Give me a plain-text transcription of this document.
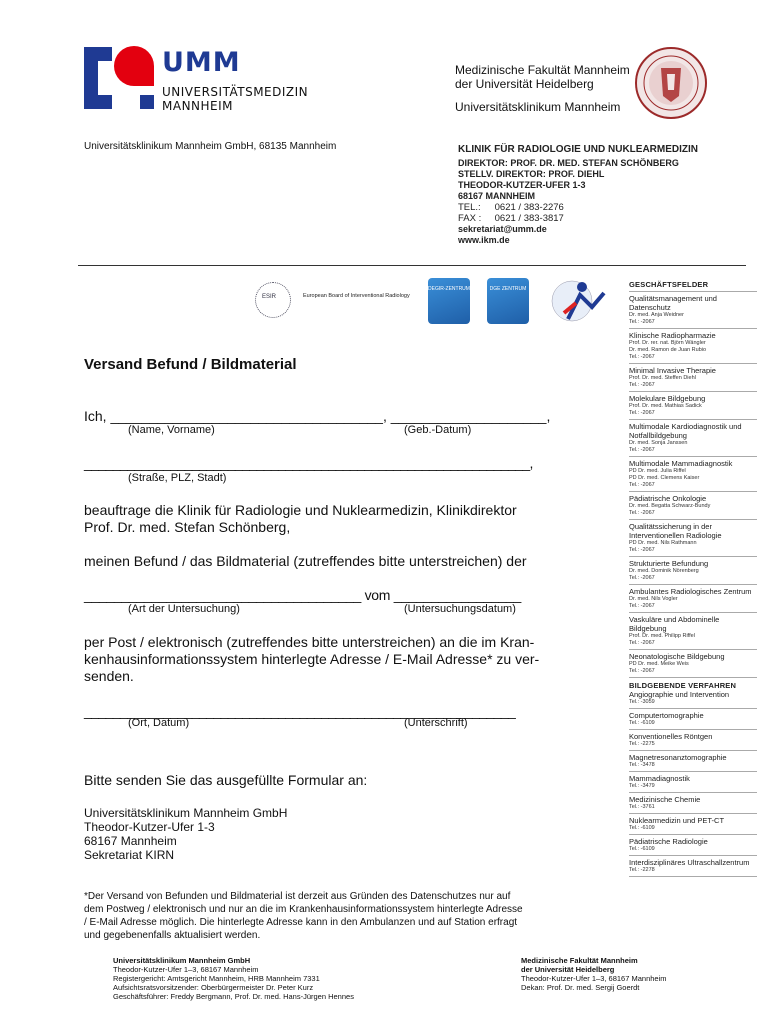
UMM
UNIVERSITÄTSMEDIZIN
MANNHEIM
Medizinische Fakultät Mannheim
der Universität Heidelberg
Universitätsklinikum Mannheim
Universitätsklinikum Mannheim GmbH, 68135 Mannheim	KLINIK FÜR RADIOLOGIE UND NUKLEARMEDIZIN
DIREKTOR: PROF. DR. MED. STEFAN SCHÖNBERG
STELLV. DIREKTOR: PROF. DIEHL
THEODOR-KUTZER-UFER 1-3
68167 MANNHEIM
TEL.: 0621 / 383-2276
FAX : 0621 / 383-3817
sekretariat@umm.de
www.ikm.de
ESIR	European Board of Interventional Radiology
DEGIR-ZENTRUM	DGE ZENTRUM
Versand Befund / Bildmaterial
Ich, ___________________________________, ____________________,
(Name, Vorname)	(Geb.-Datum)
______________________________________________________________,
(Straße, PLZ, Stadt)
beauftrage die Klinik für Radiologie und Nuklearmedizin, Klinikdirektor
Prof. Dr. med. Stefan Schönberg,
meinen Befund / das Bildmaterial (zutreffendes bitte unterstreichen) der
_____________________________________ vom _________________
(Art der Untersuchung)	(Untersuchungsdatum)
per Post / elektronisch (zutreffendes bitte unterstreichen) an die im Kran-
kenhausinformationssystem hinterlegte Adresse / E-Mail Adresse* zu ver-
senden.
____________________________________________________________
(Ort, Datum)	(Unterschrift)
Bitte senden Sie das ausgefüllte Formular an:
Universitätsklinikum Mannheim GmbH
Theodor-Kutzer-Ufer 1-3
68167 Mannheim
Sekretariat KIRN
*Der Versand von Befunden und Bildmaterial ist derzeit aus Gründen des Datenschutzes nur auf
dem Postweg / elektronisch und nur an die im Krankenhausinformationssystem hinterlegte Adresse
/ E-Mail Adresse möglich. Die hinterlegte Adresse kann in den Ambulanzen und auf Station erfragt
und gegebenenfalls aktualisiert werden.
GESCHÄFTSFELDER
Qualitätsmanagement und Datenschutz
Dr. med. Anja Weidner
Tel.: -2067
Klinische Radiopharmazie
Prof. Dr. rer. nat. Björn Wängler
Dr. med. Ramon de Juan Rubio
Tel.: -2067
Minimal Invasive Therapie
Prof. Dr. med. Steffen Diehl
Tel.: -2067
Molekulare Bildgebung
Prof. Dr. med. Mathias Sadick
Tel.: -2067
Multimodale Kardiodiagnostik und Notfallbildgebung
Dr. med. Sonja Janssen
Tel.: -2067
Multimodale Mammadiagnostik
PD Dr. med. Julia Riffel
PD Dr. med. Clemens Kaiser
Tel.: -2067
Pädiatrische Onkologie
Dr. med. Begatta Schwarz-Bundy
Tel.: -2067
Qualitätssicherung in der Interventionellen Radiologie
PD Dr. med. Nils Rathmann
Tel.: -2067
Strukturierte Befundung
Dr. med. Dominik Nörenberg
Tel.: -2067
Ambulantes Radiologisches Zentrum
Dr. med. Nils Vogler
Tel.: -2067
Vaskuläre und Abdominelle Bildgebung
Prof. Dr. med. Philipp Riffel
Tel.: -2067
Neonatologische Bildgebung
PD Dr. med. Meike Weis
Tel.: -2067
BILDGEBENDE VERFAHREN
Angiographie und Intervention
Tel.: -3059
Computertomographie
Tel.: -6109
Konventionelles Röntgen
Tel.: -2275
Magnetresonanztomographie
Tel.: -3478
Mammadiagnostik
Tel.: -3479
Medizinische Chemie
Tel.: -3761
Nuklearmedizin und PET-CT
Tel.: -6109
Pädiatrische Radiologie
Tel.: -6109
Interdisziplinäres Ultraschallzentrum
Tel.: -2278
Universitätsklinikum Mannheim GmbH
Theodor-Kutzer-Ufer 1–3, 68167 Mannheim
Registergericht: Amtsgericht Mannheim, HRB Mannheim 7331
Aufsichtsratsvorsitzender: Oberbürgermeister Dr. Peter Kurz
Geschäftsführer: Freddy Bergmann, Prof. Dr. med. Hans-Jürgen Hennes
Medizinische Fakultät Mannheim
der Universität Heidelberg
Theodor-Kutzer-Ufer 1–3, 68167 Mannheim
Dekan: Prof. Dr. med. Sergij Goerdt
